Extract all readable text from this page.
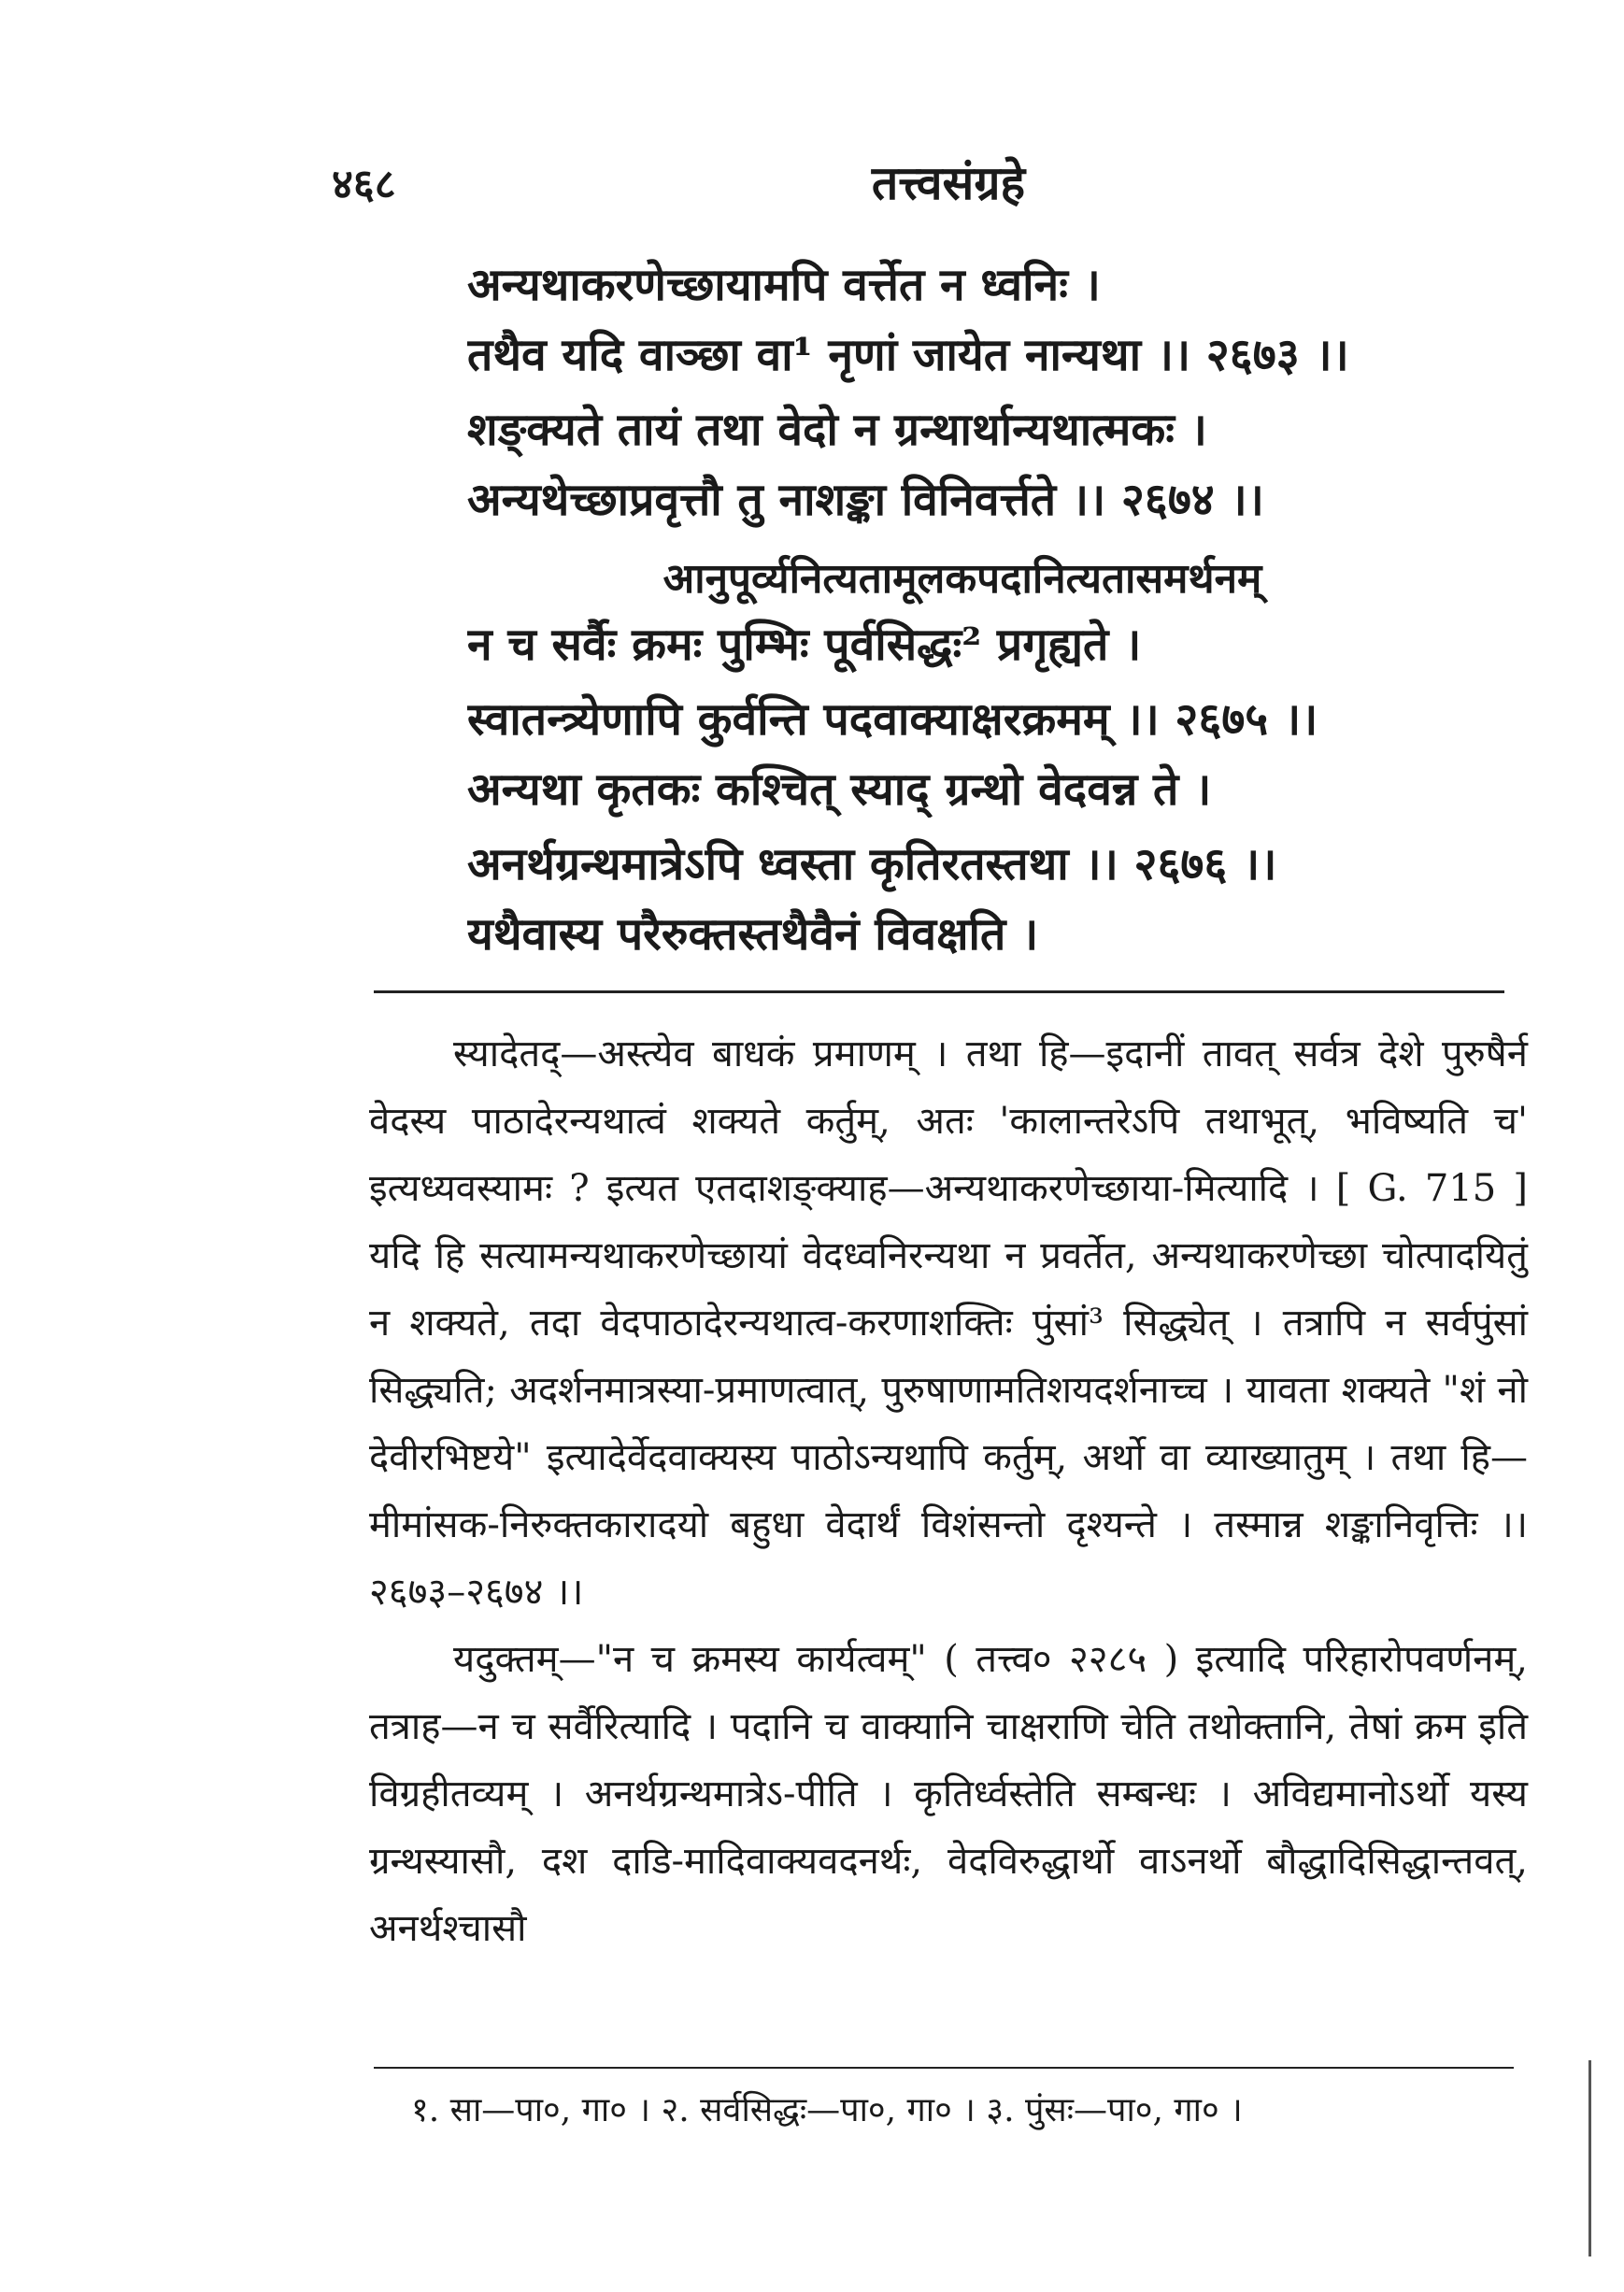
४६८	तत्त्वसंग्रहे
अन्यथाकरणेच्छायामपि वर्त्तेत न ध्वनिः ।
तथैव यदि वाञ्छा वा¹ नृणां जायेत नान्यथा ।। २६७३ ।।
शङ्क्यते तायं तथा वेदो न ग्रन्थार्थान्यथात्मकः ।
अन्यथेच्छाप्रवृत्तौ तु नाशङ्का विनिवर्त्तते ।। २६७४ ।।
आनुपूर्व्यनित्यतामूलकपदानित्यतासमर्थनम्
न च सर्वैः क्रमः पुम्भिः पूर्वसिद्धः² प्रगृह्यते ।
स्वातन्त्र्येणापि कुर्वन्ति पदवाक्याक्षरक्रमम् ।। २६७५ ।।
अन्यथा कृतकः कश्चित् स्याद् ग्रन्थो वेदवन्न ते ।
अनर्थग्रन्थमात्रेऽपि ध्वस्ता कृतिरतस्तथा ।। २६७६ ।।
यथैवास्य परैरुक्तस्तथैवैनं विवक्षति ।

स्यादेतद्—अस्त्येव बाधकं प्रमाणम् । तथा हि—इदानीं तावत् सर्वत्र देशे पुरुषैर्न वेदस्य पाठादेरन्यथात्वं शक्यते कर्तुम्, अतः 'कालान्तरेऽपि तथाभूत्, भविष्यति च' इत्यध्यवस्यामः ? इत्यत एतदाशङ्क्याह—अन्यथाकरणेच्छाया-मित्यादि । [ G. 715 ] यदि हि सत्यामन्यथाकरणेच्छायां वेदध्वनिरन्यथा न प्रवर्तेत, अन्यथाकरणेच्छा चोत्पादयितुं न शक्यते, तदा वेदपाठादेरन्यथात्व-करणाशक्तिः पुंसां³ सिद्ध्येत् । तत्रापि न सर्वपुंसां सिद्ध्यति; अदर्शनमात्रस्या-प्रमाणत्वात्, पुरुषाणामतिशयदर्शनाच्च । यावता शक्यते "शं नो देवीरभिष्टये" इत्यादेर्वेदवाक्यस्य पाठोऽन्यथापि कर्तुम्, अर्थो वा व्याख्यातुम् । तथा हि—मीमांसक-निरुक्तकारादयो बहुधा वेदार्थं विशंसन्तो दृश्यन्ते । तस्मान्न शङ्कानिवृत्तिः ।। २६७३–२६७४ ।।

यदुक्तम्—"न च क्रमस्य कार्यत्वम्" ( तत्त्व० २२८५ ) इत्यादि परिहारोपवर्णनम्, तत्राह—न च सर्वैरित्यादि । पदानि च वाक्यानि चाक्षराणि चेति तथोक्तानि, तेषां क्रम इति विग्रहीतव्यम् । अनर्थग्रन्थमात्रेऽ-पीति । कृतिर्ध्वस्तेति सम्बन्धः । अविद्यमानोऽर्थो यस्य ग्रन्थस्यासौ, दश दाडि-मादिवाक्यवदनर्थः, वेदविरुद्धार्थो वाऽनर्थो बौद्धादिसिद्धान्तवत्, अनर्थश्चासौ

१. सा—पा०, गा० । २. सर्वसिद्धः—पा०, गा० । ३. पुंसः—पा०, गा० ।
